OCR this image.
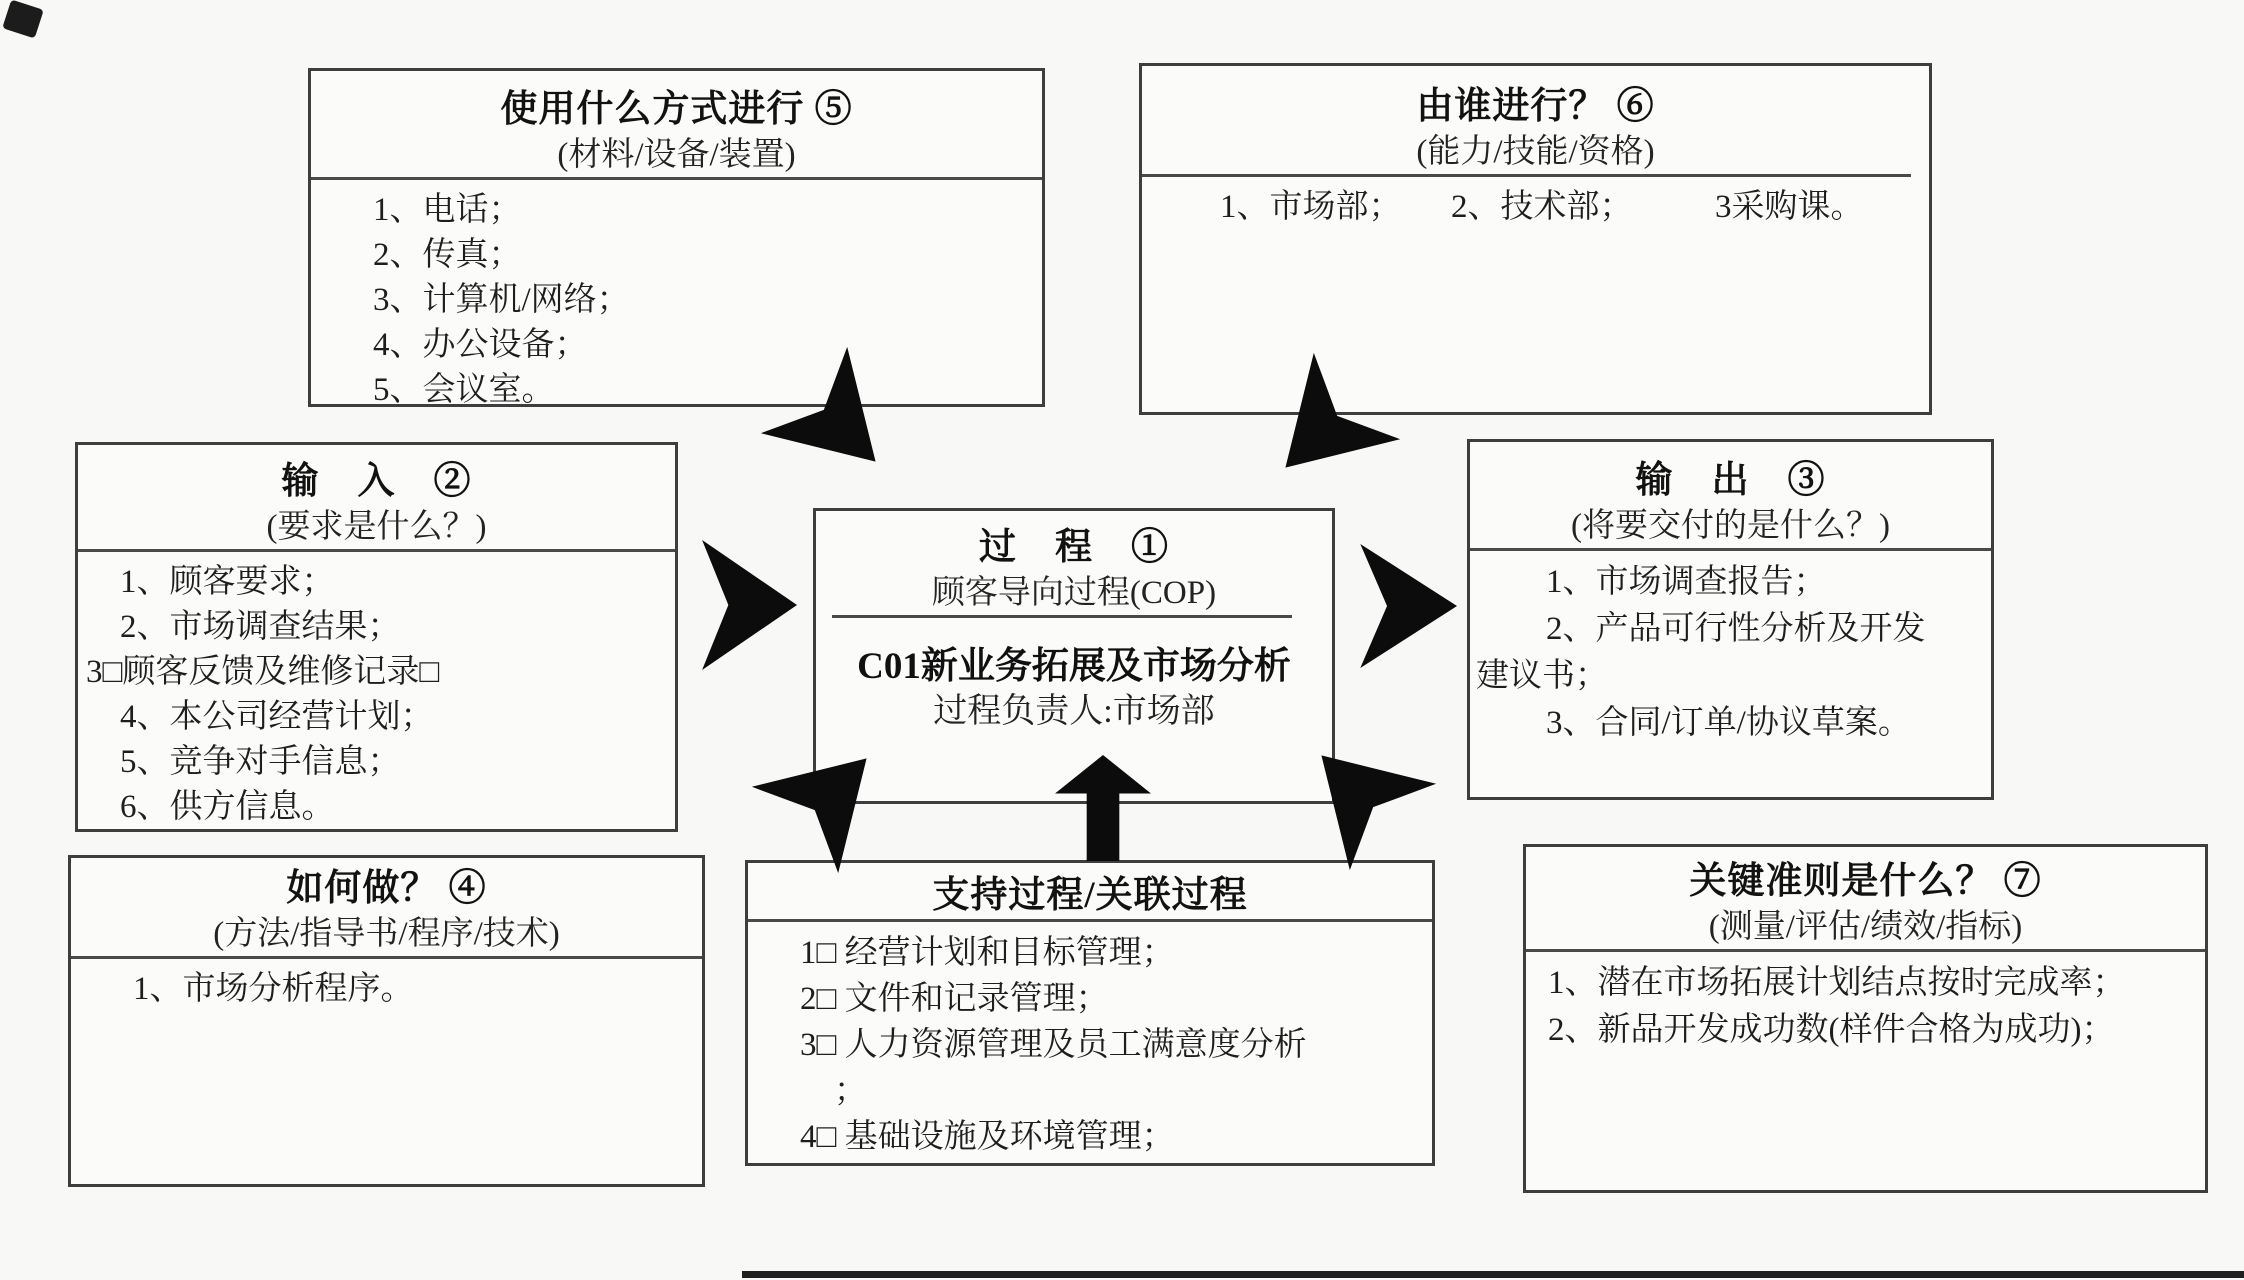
使用什么方式进行 ⑤
(材料/设备/装置)
1、电话；
2、传真；
3、计算机/网络；
4、办公设备；
5、会议室。
由谁进行？ ⑥
(能力/技能/资格)
1、市场部；　　2、技术部；　　　3采购课。
输　入　②
(要求是什么？)
1、顾客要求；
2、市场调查结果；
3□顾客反馈及维修记录□
4、本公司经营计划；
5、竞争对手信息；
6、供方信息。
输　出　③
(将要交付的是什么？)
1、市场调查报告；
2、产品可行性分析及开发
建议书；
3、合同/订单/协议草案。
如何做？ ④
(方法/指导书/程序/技术)
1、市场分析程序。
支持过程/关联过程
1□ 经营计划和目标管理；
2□ 文件和记录管理；
3□ 人力资源管理及员工满意度分析
；
4□ 基础设施及环境管理；
关键准则是什么？ ⑦
(测量/评估/绩效/指标)
1、潜在市场拓展计划结点按时完成率；
2、新品开发成功数(样件合格为成功)；
过　程　①
顾客导向过程(COP)
C01新业务拓展及市场分析
过程负责人:市场部
